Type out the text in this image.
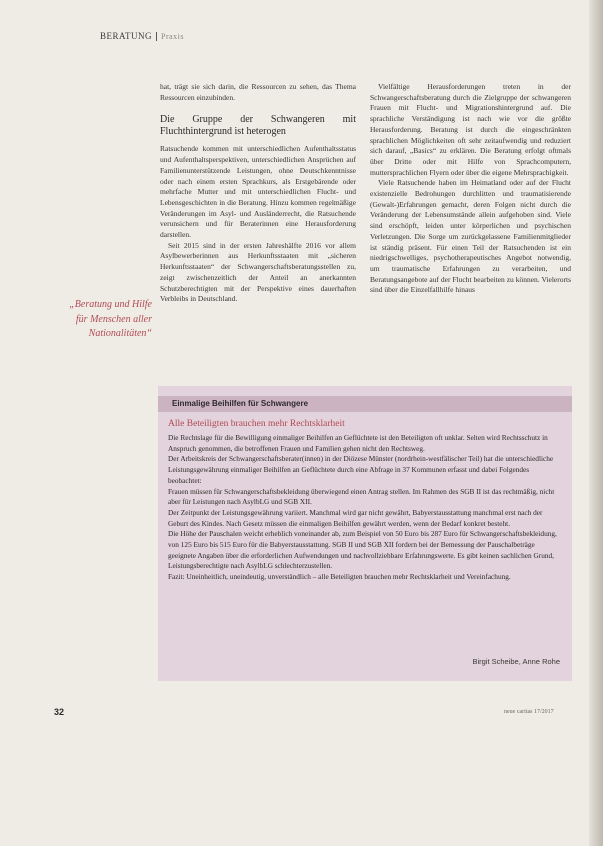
BERATUNG Praxis

hat, trägt sie sich darin, die Ressourcen zu sehen, das Thema Ressourcen einzubinden.

Die Gruppe der Schwangeren mit Fluchthintergrund ist heterogen

Ratsuchende kommen mit unterschiedlichen Aufenthaltsstatus und Aufenthaltsperspektiven, unterschiedlichen Ansprüchen auf Familienunterstützende Leistungen, ohne Deutschkenntnisse oder nach einem ersten Sprachkurs, als Erstgebärende oder mehrfache Mutter und mit unterschiedlichen Flucht- und Lebensgeschichten in die Beratung. Hinzu kommen regelmäßige Veränderungen im Asyl- und Ausländerrecht, die Ratsuchende verunsichern und für Beraterinnen eine Herausforderung darstellen.

Seit 2015 sind in der ersten Jahreshälfte 2016 vor allem Asylbewerberinnen aus Herkunftsstaaten mit „sicheren Herkunftsstaaten“ der Schwangerschaftsberatungsstellen zu, zeigt zwischenzeitlich der Anteil an anerkannten Schutzberechtigten mit der Perspektive eines dauerhaften Verbleibs in Deutschland.

Vielfältige Herausforderungen treten in der Schwangerschaftsberatung durch die Zielgruppe der schwangeren Frauen mit Flucht- und Migrationshintergrund auf. Die sprachliche Verständigung ist nach wie vor die größte Herausforderung. Beratung ist durch die eingeschränkten sprachlichen Möglichkeiten oft sehr zeitaufwendig und reduziert sich darauf, „Basics“ zu erklären. Die Beratung erfolgt oftmals über Dritte oder mit Hilfe von Sprachcomputern, muttersprachlichen Flyern oder über die eigene Mehrsprachigkeit.

Viele Ratsuchende haben im Heimatland oder auf der Flucht existenzielle Bedrohungen durchlitten und traumatisierende (Gewalt-)Erfahrungen gemacht, deren Folgen nicht durch die Veränderung der Lebensumstände allein aufgehoben sind. Viele sind erschöpft, leiden unter körperlichen und psychischen Verletzungen. Die Sorge um zurückgelassene Familienmitglieder ist ständig präsent. Für einen Teil der Ratsuchenden ist ein niedrigschwelliges, psychotherapeutisches Angebot notwendig, um traumatische Erfahrungen zu verarbeiten, und Beratungsangebote auf der Flucht bearbeiten zu können. Vielerorts sind über die Einzelfallhilfe hinaus

„Beratung und Hilfe für Menschen aller Nationalitäten“
Einmalige Beihilfen für Schwangere
Alle Beteiligten brauchen mehr Rechtsklarheit

Die Rechtslage für die Bewilligung einmaliger Beihilfen an Geflüchtete ist den Beteiligten oft unklar. Selten wird Rechtsschutz in Anspruch genommen, die betroffenen Frauen und Familien gehen nicht den Rechtsweg.

Der Arbeitskreis der Schwangerschaftsberater(innen) in der Diözese Münster (nordrhein-westfälischer Teil) hat die unterschiedliche Leistungsgewährung einmaliger Beihilfen an Geflüchtete durch eine Abfrage in 37 Kommunen erfasst und dabei Folgendes beobachtet:

Frauen müssen für Schwangerschaftsbekleidung überwiegend einen Antrag stellen. Im Rahmen des SGB II ist das rechtmäßig, nicht aber für Leistungen nach AsylbLG und SGB XII.

Der Zeitpunkt der Leistungsgewährung variiert. Manchmal wird gar nicht gewährt, Babyerstausstattung manchmal erst nach der Geburt des Kindes. Nach Gesetz müssen die einmaligen Beihilfen gewährt werden, wenn der Bedarf konkret besteht.

Die Höhe der Pauschalen weicht erheblich voneinander ab, zum Beispiel von 50 Euro bis 287 Euro für Schwangerschaftsbekleidung, von 125 Euro bis 515 Euro für die Babyerstausstattung. SGB II und SGB XII fordern bei der Bemessung der Pauschalbeträge geeignete Angaben über die erforderlichen Aufwendungen und nachvollziehbare Erfahrungswerte. Es gibt keinen sachlichen Grund, Leistungsberechtigte nach AsylbLG schlechterzustellen.

Fazit: Uneinheitlich, uneindeutig, unverständlich – alle Beteiligten brauchen mehr Rechtsklarheit und Vereinfachung.

Birgit Scheibe, Anne Rohe
32	neue caritas 17/2017
